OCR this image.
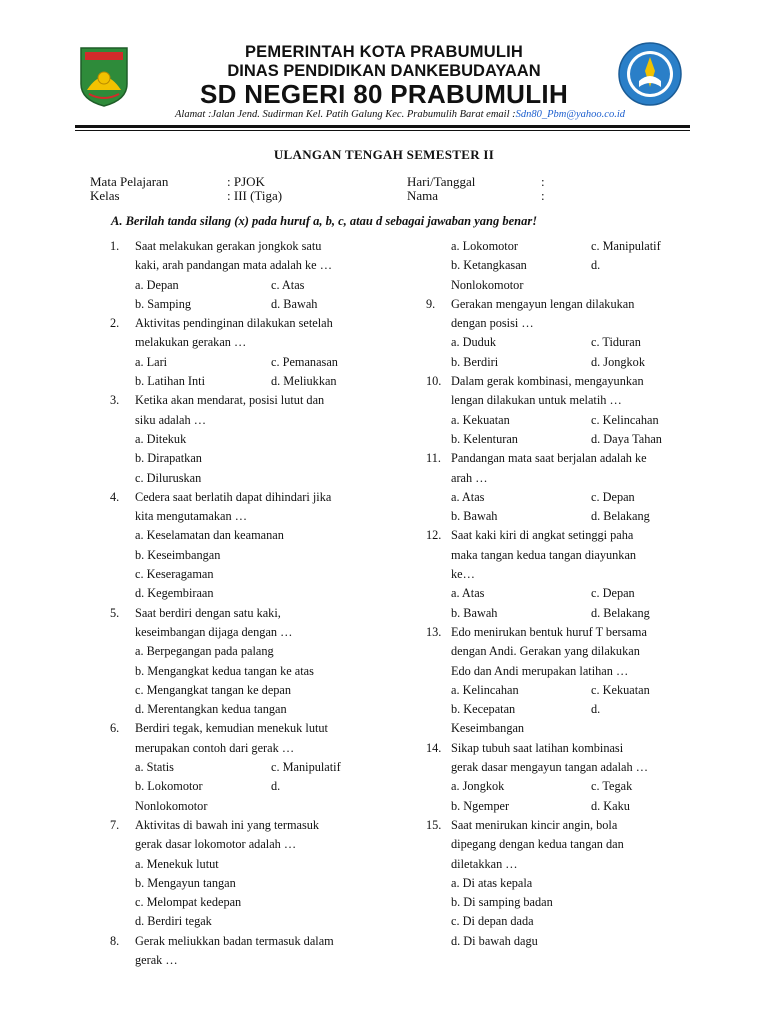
PEMERINTAH KOTA PRABUMULIH
DINAS PENDIDIKAN DANKEBUDAYAAN
SD NEGERI 80 PRABUMULIH
Alamat :Jalan Jend. Sudirman Kel. Patih Galung Kec. Prabumulih Barat email :Sdn80_Pbm@yahoo.co.id
ULANGAN TENGAH SEMESTER II
Mata Pelajaran	: PJOK
Kelas	: III (Tiga)
Hari/Tanggal	:
Nama	:
A. Berilah tanda silang (x) pada huruf a, b, c, atau d sebagai jawaban yang benar!
1. Saat melakukan gerakan jongkok satu
kaki, arah pandangan mata adalah ke …
a. Depan	c. Atas
b. Samping	d. Bawah
2. Aktivitas pendinginan dilakukan setelah
melakukan gerakan …
a. Lari	c. Pemanasan
b. Latihan Inti	d. Meliukkan
3. Ketika akan mendarat, posisi lutut dan
siku adalah …
a. Ditekuk
b. Dirapatkan
c. Diluruskan
4. Cedera saat berlatih dapat dihindari jika
kita mengutamakan …
a. Keselamatan dan keamanan
b. Keseimbangan
c. Keseragaman
d. Kegembiraan
5. Saat berdiri dengan satu kaki,
keseimbangan dijaga dengan …
a. Berpegangan pada palang
b. Mengangkat kedua tangan ke atas
c. Mengangkat tangan ke depan
d. Merentangkan kedua tangan
6. Berdiri tegak, kemudian menekuk lutut
merupakan contoh dari gerak …
a. Statis	c. Manipulatif
b. Lokomotor	d.
Nonlokomotor
7. Aktivitas di bawah ini yang termasuk
gerak dasar lokomotor adalah …
a. Menekuk lutut
b. Mengayun tangan
c. Melompat kedepan
d. Berdiri tegak
8. Gerak meliukkan badan termasuk dalam
gerak …
a. Lokomotor	c. Manipulatif
b. Ketangkasan	d.
Nonlokomotor
9. Gerakan mengayun lengan dilakukan
dengan posisi …
a. Duduk	c. Tiduran
b. Berdiri	d. Jongkok
10. Dalam gerak kombinasi, mengayunkan
lengan dilakukan untuk melatih …
a. Kekuatan	c. Kelincahan
b. Kelenturan	d. Daya Tahan
11. Pandangan mata saat berjalan adalah ke
arah …
a. Atas	c. Depan
b. Bawah	d. Belakang
12. Saat kaki kiri di angkat setinggi paha
maka tangan kedua tangan diayunkan
ke…
a. Atas	c. Depan
b. Bawah	d. Belakang
13. Edo menirukan bentuk huruf T bersama
dengan Andi. Gerakan yang dilakukan
Edo dan Andi merupakan latihan …
a. Kelincahan	c. Kekuatan
b. Kecepatan	d.
Keseimbangan
14. Sikap tubuh saat latihan kombinasi
gerak dasar mengayun tangan adalah …
a. Jongkok	c. Tegak
b. Ngemper	d. Kaku
15. Saat menirukan kincir angin, bola
dipegang dengan kedua tangan dan
diletakkan …
a. Di atas kepala
b. Di samping badan
c. Di depan dada
d. Di bawah dagu
